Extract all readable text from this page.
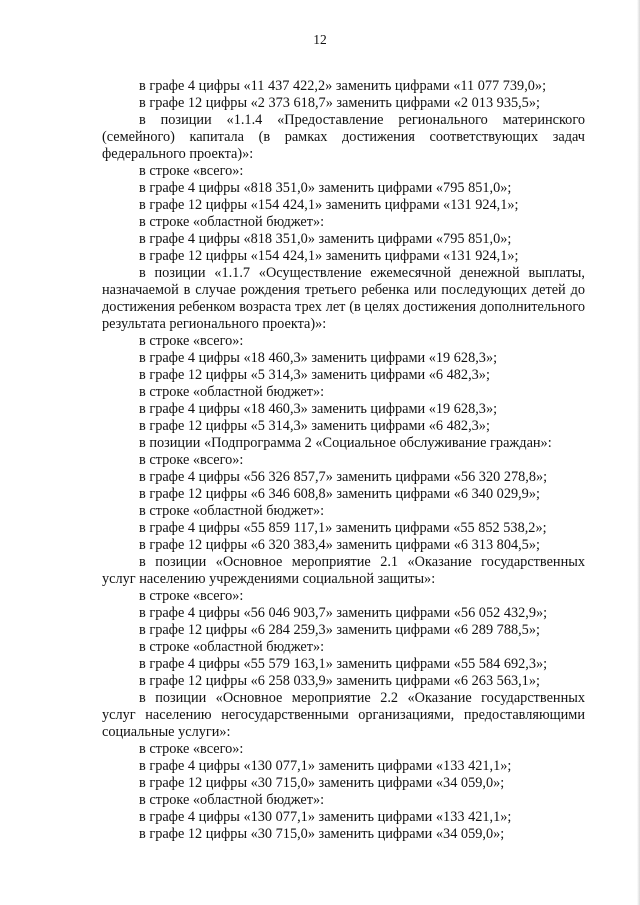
12
в графе 4 цифры «11 437 422,2» заменить цифрами «11 077 739,0»;
в графе 12 цифры «2 373 618,7» заменить цифрами «2 013 935,5»;
в позиции «1.1.4 «Предоставление регионального материнского (семейного) капитала (в рамках достижения соответствующих задач федерального проекта)»:
в строке «всего»:
в графе 4 цифры «818 351,0» заменить цифрами «795 851,0»;
в графе 12 цифры «154 424,1» заменить цифрами «131 924,1»;
в строке «областной бюджет»:
в графе 4 цифры «818 351,0» заменить цифрами «795 851,0»;
в графе 12 цифры «154 424,1» заменить цифрами «131 924,1»;
в позиции «1.1.7 «Осуществление ежемесячной денежной выплаты, назначаемой в случае рождения третьего ребенка или последующих детей до достижения ребенком возраста трех лет (в целях достижения дополнительного результата регионального проекта)»:
в строке «всего»:
в графе 4 цифры «18 460,3» заменить цифрами «19 628,3»;
в графе 12 цифры «5 314,3» заменить цифрами «6 482,3»;
в строке «областной бюджет»:
в графе 4 цифры «18 460,3» заменить цифрами «19 628,3»;
в графе 12 цифры «5 314,3» заменить цифрами «6 482,3»;
в позиции «Подпрограмма 2 «Социальное обслуживание граждан»:
в строке «всего»:
в графе 4 цифры «56 326 857,7» заменить цифрами «56 320 278,8»;
в графе 12 цифры «6 346 608,8» заменить цифрами «6 340 029,9»;
в строке «областной бюджет»:
в графе 4 цифры «55 859 117,1» заменить цифрами «55 852 538,2»;
в графе 12 цифры «6 320 383,4» заменить цифрами «6 313 804,5»;
в позиции «Основное мероприятие 2.1 «Оказание государственных услуг населению учреждениями социальной защиты»:
в строке «всего»:
в графе 4 цифры «56 046 903,7» заменить цифрами «56 052 432,9»;
в графе 12 цифры «6 284 259,3» заменить цифрами «6 289 788,5»;
в строке «областной бюджет»:
в графе 4 цифры «55 579 163,1» заменить цифрами «55 584 692,3»;
в графе 12 цифры «6 258 033,9» заменить цифрами «6 263 563,1»;
в позиции «Основное мероприятие 2.2 «Оказание государственных услуг населению негосударственными организациями, предоставляющими социальные услуги»:
в строке «всего»:
в графе 4 цифры «130 077,1» заменить цифрами «133 421,1»;
в графе 12 цифры «30 715,0» заменить цифрами «34 059,0»;
в строке «областной бюджет»:
в графе 4 цифры «130 077,1» заменить цифрами «133 421,1»;
в графе 12 цифры «30 715,0» заменить цифрами «34 059,0»;
